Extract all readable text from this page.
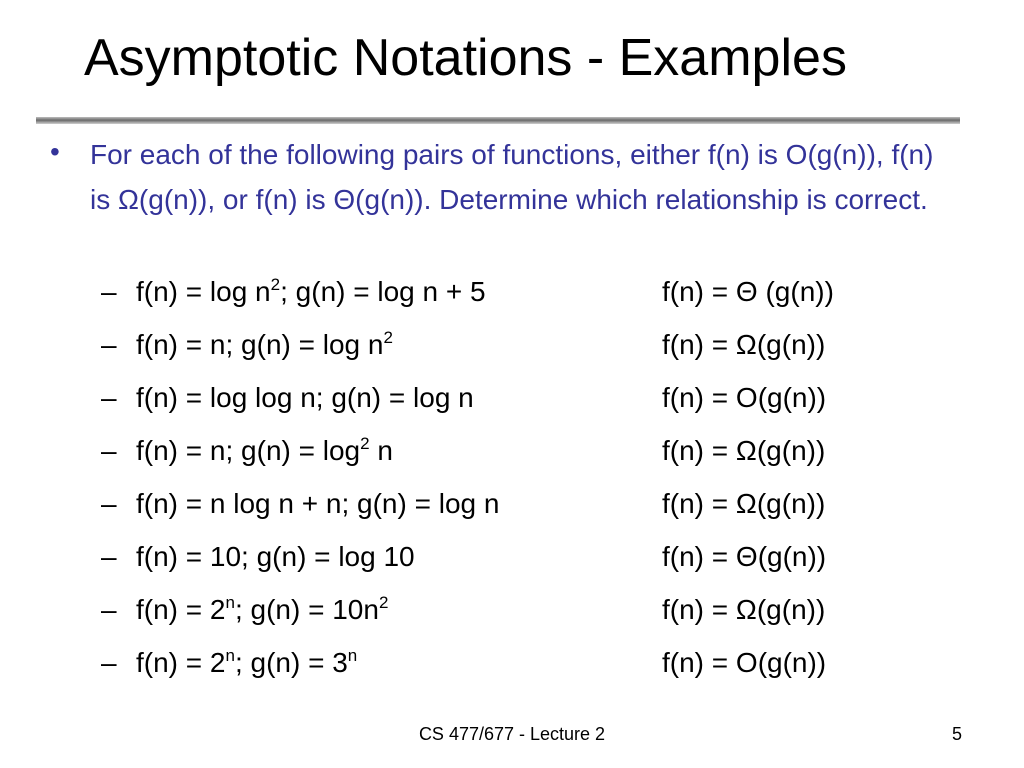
Asymptotic Notations - Examples
• For each of the following pairs of functions, either f(n) is O(g(n)), f(n) is Ω(g(n)), or f(n) is Θ(g(n)). Determine which relationship is correct.
– $f(n) = \log n^2$; g(n) = log n + 5	f(n) = Θ (g(n))
– f(n) = n; $g(n) = \log n^2$	f(n) = Ω(g(n))
– f(n) = log log n; g(n) = log n	f(n) = O(g(n))
– f(n) = n; $g(n) = \log^2 n$	f(n) = Ω(g(n))
– f(n) = n log n + n; g(n) = log n	f(n) = Ω(g(n))
– f(n) = 10; g(n) = log 10	f(n) = Θ(g(n))
– $f(n) = 2^n$; $g(n) = 10n^2$	f(n) = Ω(g(n))
– $f(n) = 2^n$; $g(n) = 3^n$	f(n) = O(g(n))
CS 477/677 - Lecture 2	5
